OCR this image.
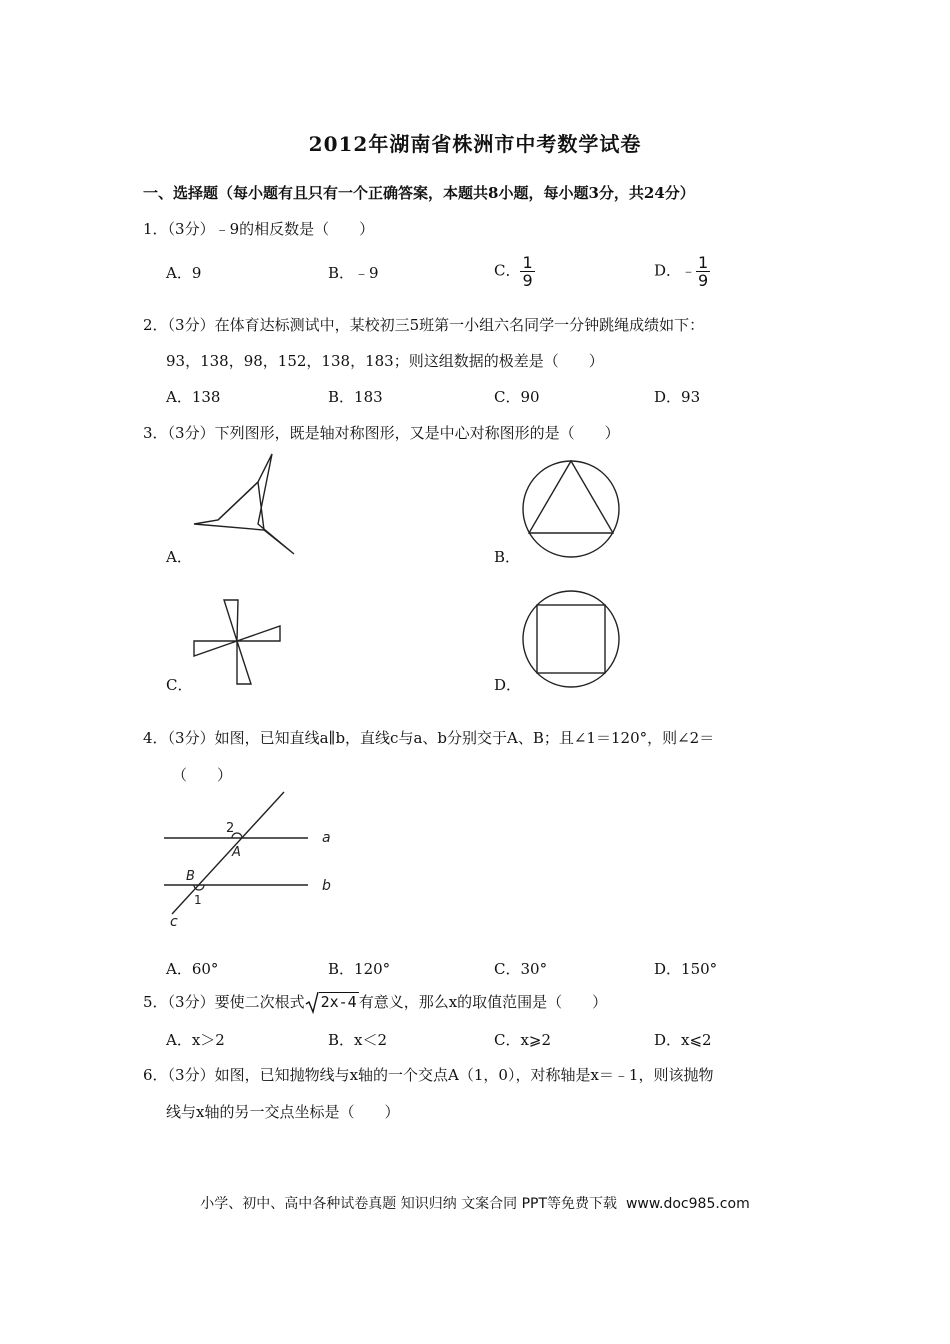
2012年湖南省株洲市中考数学试卷
一、选择题（每小题有且只有一个正确答案，本题共8小题，每小题3分，共24分）
1．（3分）﹣9的相反数是（　　）
A．9	B．﹣9	C． $\frac{1}{9}$	D．﹣ $\frac{1}{9}$
2．（3分）在体育达标测试中，某校初三5班第一小组六名同学一分钟跳绳成绩如下：
93，138，98，152，138，183；则这组数据的极差是（　　）
A．138	B．183	C．90	D．93
3．（3分）下列图形，既是轴对称图形，又是中心对称图形的是（　　）
A．	B．
C．	D．
4．（3分）如图，已知直线a∥b，直线c与a、b分别交于A、B；且∠1＝120°，则∠2＝
（　　）
2
A
a
B
b
1
c
A．60°	B．120°	C．30°	D．150°
5．（3分）要使二次根式 2x-4 有意义，那么x的取值范围是（　　）
A．x＞2	B．x＜2	C．x⩾2	D．x⩽2
6．（3分）如图，已知抛物线与x轴的一个交点A（1，0），对称轴是x＝﹣1，则该抛物
线与x轴的另一交点坐标是（　　）
小学、初中、高中各种试卷真题 知识归纳 文案合同 PPT等免费下载 www.doc985.com
